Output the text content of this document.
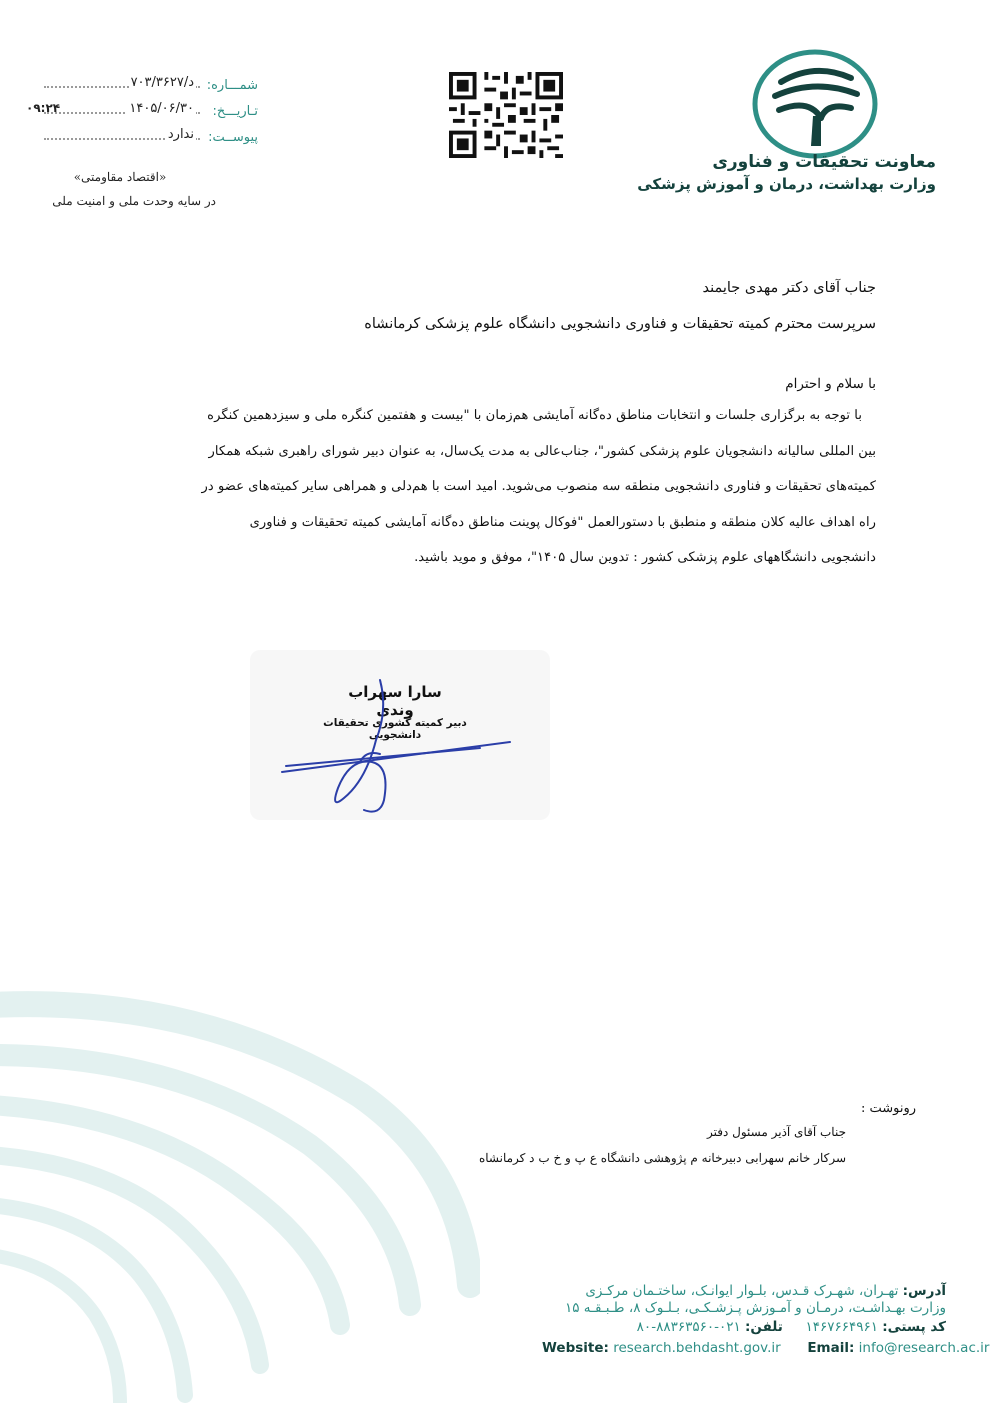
شمـــاره:
د/۷۰۳/۳۶۲۷
تـاریـــخ:
۱۴۰۵/۰۶/۳۰
۰۹:۲۴
پیوســت:
ندارد
«اقتصاد مقاومتی»
در سایه وحدت ملی و امنیت ملی
معاونت تحقیقات و فناوری
وزارت بهداشت، درمان و آموزش پزشکی
جناب آقای دکتر مهدی جایمند
سرپرست محترم کمیته تحقیقات و فناوری دانشجویی دانشگاه علوم پزشکی کرمانشاه
با سلام و احترام
با توجه به برگزاری جلسات و انتخابات مناطق ده‌گانه آمایشی هم‌زمان با "بیست و هفتمین کنگره ملی و سیزدهمین کنگره
بین المللی سالیانه دانشجویان علوم پزشکی کشور"، جناب‌عالی به مدت یک‌سال، به عنوان دبیر شورای راهبری شبکه همکار
کمیته‌های تحقیقات و فناوری دانشجویی منطقه سه منصوب می‌شوید. امید است با هم‌دلی و همراهی سایر کمیته‌های عضو در
راه اهداف عالیه کلان منطقه و منطبق با دستورالعمل "فوکال پوینت مناطق ده‌گانه آمایشی کمیته تحقیقات و فناوری
دانشجویی دانشگاههای علوم پزشکی کشور : تدوین سال ۱۴۰۵"، موفق و موید باشید.
سارا سهراب وندی
دبیر کمیته کشوری تحقیقات دانشجویی
رونوشت :
جناب آقای آذیر مسئول دفتر
سرکار خانم سهرابی دبیرخانه م پژوهشی دانشگاه ع پ و خ ب د کرمانشاه
آدرس: تهـران، شهـرک قـدس، بلـوار ایوانـک، ساختـمان مرکـزی
وزارت بهـداشـت، درمـان و آمـوزش پـزشـکـی، بـلـوک ۸، طـبـقـه ۱۵
کد پستی: ۱۴۶۷۶۶۴۹۶۱  تلفن: ۰۲۱-۸۸۳۶۳۵۶۰-۸۰
Website: research.behdasht.gov.ir Email: info@research.ac.ir
